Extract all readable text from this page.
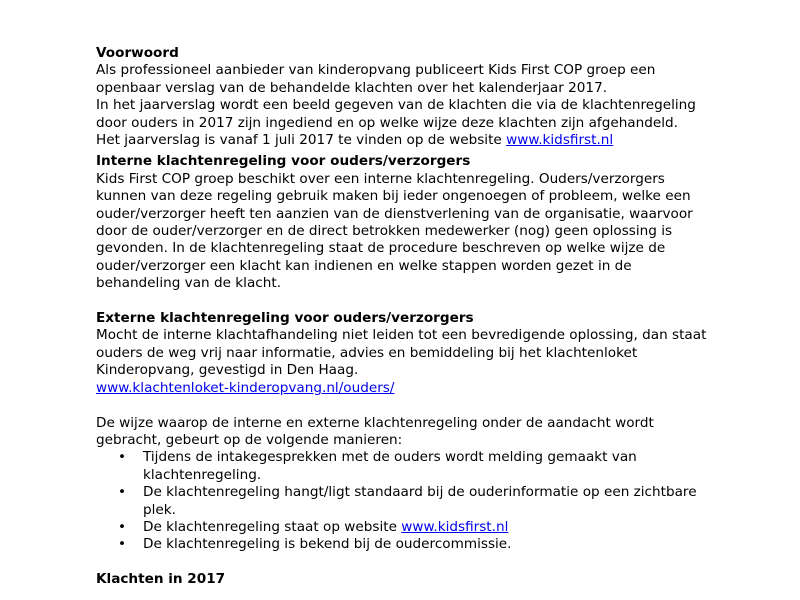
Voorwoord
Als professioneel aanbieder van kinderopvang publiceert Kids First COP groep een
openbaar verslag van de behandelde klachten over het kalenderjaar 2017.
In het jaarverslag wordt een beeld gegeven van de klachten die via de klachtenregeling
door ouders in 2017 zijn ingediend en op welke wijze deze klachten zijn afgehandeld.
Het jaarverslag is vanaf 1 juli 2017 te vinden op de website www.kidsfirst.nl
Interne klachtenregeling voor ouders/verzorgers
Kids First COP groep beschikt over een interne klachtenregeling. Ouders/verzorgers
kunnen van deze regeling gebruik maken bij ieder ongenoegen of probleem, welke een
ouder/verzorger heeft ten aanzien van de dienstverlening van de organisatie, waarvoor
door de ouder/verzorger en de direct betrokken medewerker (nog) geen oplossing is
gevonden. In de klachtenregeling staat de procedure beschreven op welke wijze de
ouder/verzorger een klacht kan indienen en welke stappen worden gezet in de
behandeling van de klacht.
Externe klachtenregeling voor ouders/verzorgers
Mocht de interne klachtafhandeling niet leiden tot een bevredigende oplossing, dan staat
ouders de weg vrij naar informatie, advies en bemiddeling bij het klachtenloket
Kinderopvang, gevestigd in Den Haag.
www.klachtenloket-kinderopvang.nl/ouders/
De wijze waarop de interne en externe klachtenregeling onder de aandacht wordt
gebracht, gebeurt op de volgende manieren:
• Tijdens de intakegesprekken met de ouders wordt melding gemaakt van
klachtenregeling.
• De klachtenregeling hangt/ligt standaard bij de ouderinformatie op een zichtbare
plek.
• De klachtenregeling staat op website www.kidsfirst.nl
• De klachtenregeling is bekend bij de oudercommissie.
Klachten in 2017
